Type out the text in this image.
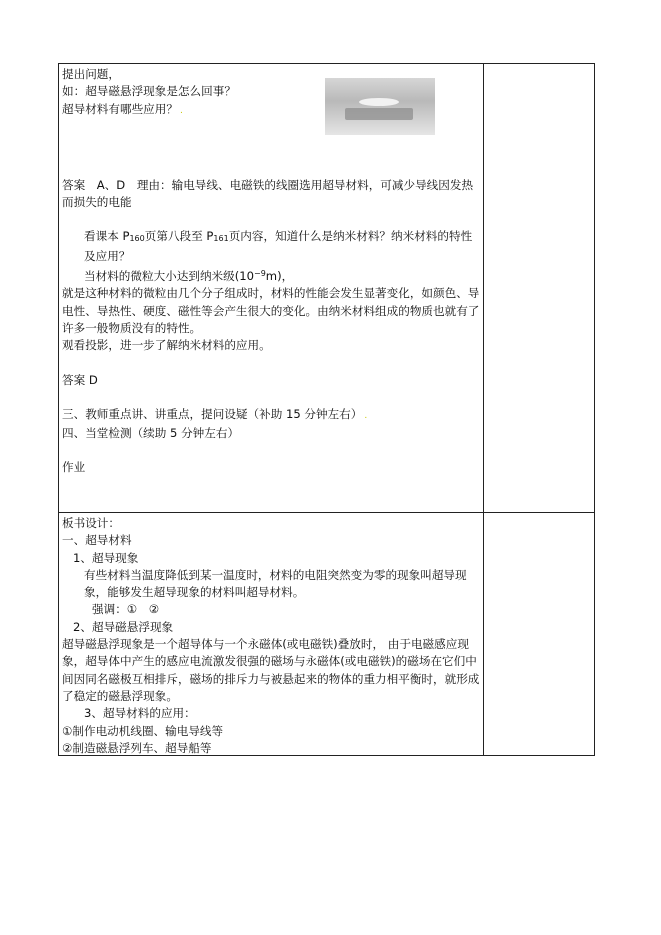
提出问题，
如：超导磁悬浮现象是怎么回事？
超导材料有哪些应用？ .
答案　A、D　理由：输电导线、电磁铁的线圈选用超导材料，可减少导线因发热而损失的电能
看课本 $P_{160}$页第八段至 $P_{161}$页内容，知道什么是纳米材料？纳米材料的特性及应用？
当材料的微粒大小达到纳米级$(10^{-9}m)$，
就是这种材料的微粒由几个分子组成时，材料的性能会发生显著变化，如颜色、导电性、导热性、硬度、磁性等会产生很大的变化。由纳米材料组成的物质也就有了许多一般物质没有的特性。
观看投影，进一步了解纳米材料的应用。
答案 D
三、教师重点讲、讲重点，提问设疑（补助 15 分钟左右） .
四、当堂检测（续助 5 分钟左右）
作业
板书设计：
一、超导材料
1、超导现象
有些材料当温度降低到某一温度时，材料的电阻突然变为零的现象叫超导现象，能够发生超导现象的材料叫超导材料。
强调：①　②
2、超导磁悬浮现象
超导磁悬浮现象是一个超导体与一个永磁体(或电磁铁)叠放时， 由于电磁感应现象，超导体中产生的感应电流激发很强的磁场与永磁体(或电磁铁)的磁场在它们中间因同名磁极互相排斥，磁场的排斥力与被悬起来的物体的重力相平衡时，就形成了稳定的磁悬浮现象。
3、超导材料的应用：
①制作电动机线圈、输电导线等
②制造磁悬浮列车、超导船等
